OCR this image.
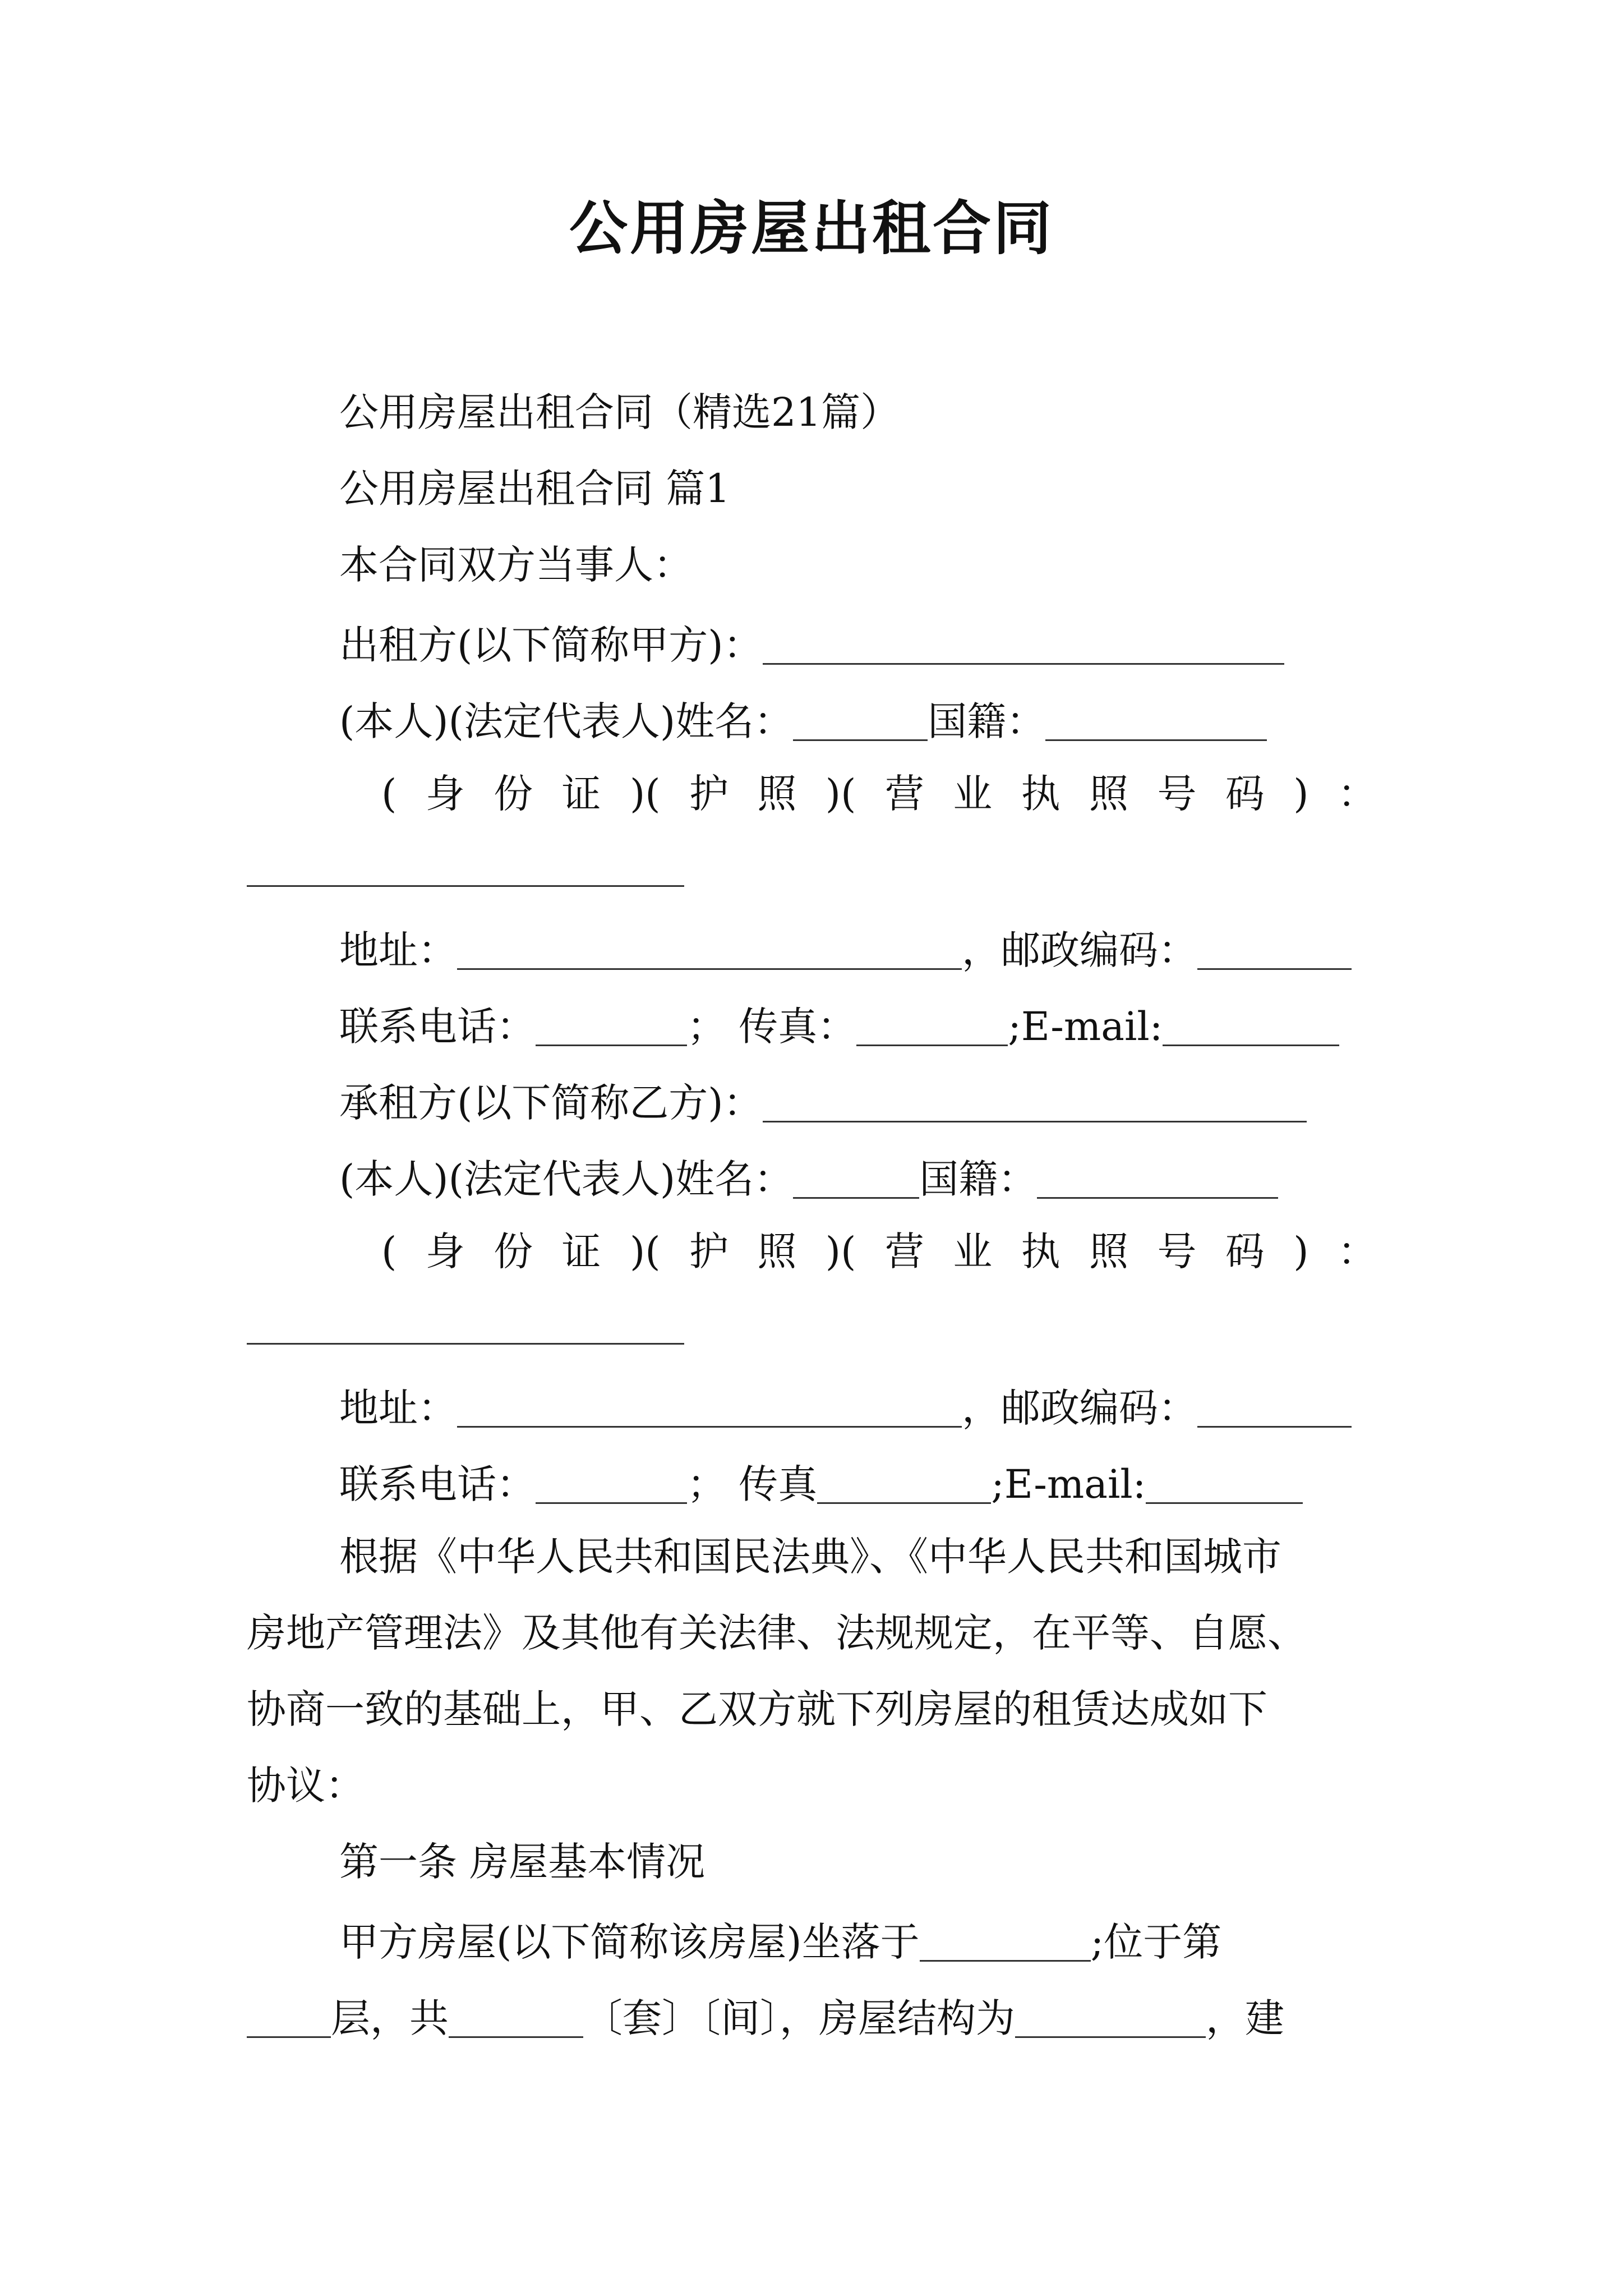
公用房屋出租合同
公用房屋出租合同（精选21篇）
公用房屋出租合同 篇1
本合同双方当事人：
出租方(以下简称甲方)：
(本人)(法定代表人)姓名：	国籍：
( 身 份 证 )( 护 照 )( 营 业 执 照 号 码 ) ：
地址：	，邮政编码：
联系电话：	； 传真：	;E-mail:
承租方(以下简称乙方)：
(本人)(法定代表人)姓名：	国籍：
( 身 份 证 )( 护 照 )( 营 业 执 照 号 码 ) ：
地址：	，邮政编码：
联系电话：	； 传真	;E-mail:
根据《中华人民共和国民法典》、《中华人民共和国城市
房地产管理法》及其他有关法律、法规规定，在平等、自愿、
协商一致的基础上，甲、乙双方就下列房屋的租赁达成如下
协议：
第一条 房屋基本情况
甲方房屋(以下简称该房屋)坐落于	;位于第
层，共	〔套〕〔间〕，房屋结构为	，建
